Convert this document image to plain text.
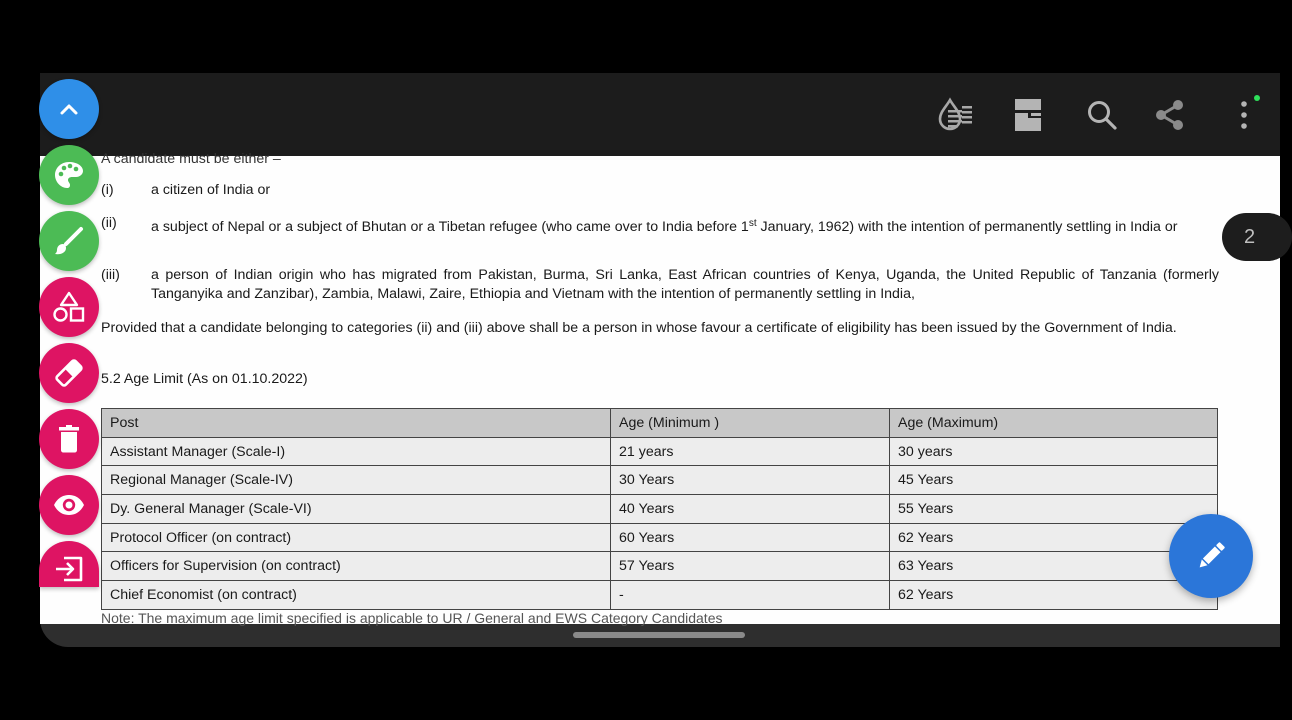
A candidate must be either –
(i)	a citizen of India or
(ii) a subject of Nepal or a subject of Bhutan or a Tibetan refugee (who came over to India before 1st January, 1962) with the intention of permanently settling in India or
(iii) a person of Indian origin who has migrated from Pakistan, Burma, Sri Lanka, East African countries of Kenya, Uganda, the United Republic of Tanzania (formerly Tanganyika and Zanzibar), Zambia, Malawi, Zaire, Ethiopia and Vietnam with the intention of permanently settling in India,
Provided that a candidate belonging to categories (ii) and (iii) above shall be a person in whose favour a certificate of eligibility has been issued by the Government of India.
5.2 Age Limit (As on 01.10.2022)
Post	Age (Minimum )	Age (Maximum)
Assistant Manager (Scale-I)	21 years	30 years
Regional Manager (Scale-IV)	30 Years	45 Years
Dy. General Manager (Scale-VI)	40 Years	55 Years
Protocol Officer (on contract)	60 Years	62 Years
Officers for Supervision (on contract)	57 Years	63 Years
Chief Economist (on contract)	-	62 Years
Note: The maximum age limit specified is applicable to UR / General and EWS Category Candidates
2
